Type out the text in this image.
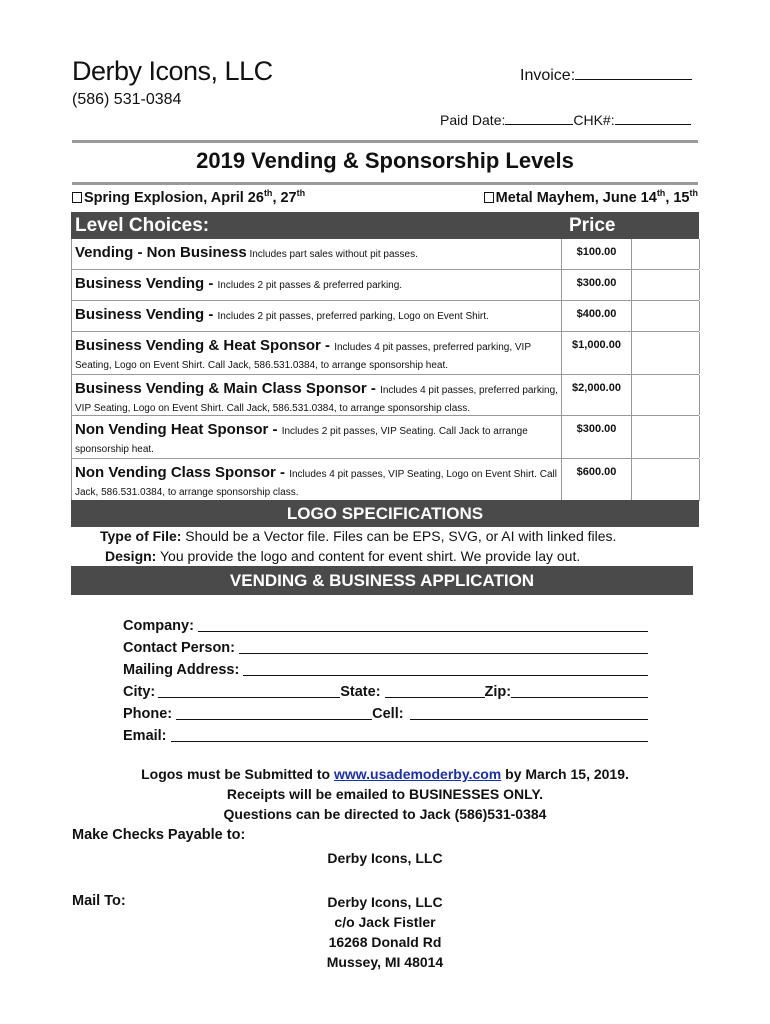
Derby Icons, LLC
(586) 531-0384
Invoice:
Paid Date:	CHK#:
2019 Vending & Sponsorship Levels
Spring Explosion, April 26th, 27th	Metal Mayhem, June 14th, 15th
Level Choices:	Price
Vending - Non Business Includes part sales without pit passes.	$100.00
Business Vending - Includes 2 pit passes & preferred parking.	$300.00
Business Vending - Includes 2 pit passes, preferred parking, Logo on Event Shirt.	$400.00
Business Vending & Heat Sponsor - Includes 4 pit passes, preferred parking, VIP Seating, Logo on Event Shirt. Call Jack, 586.531.0384, to arrange sponsorship heat.
$1,000.00
Business Vending & Main Class Sponsor - Includes 4 pit passes, preferred parking, VIP Seating, Logo on Event Shirt. Call Jack, 586.531.0384, to arrange sponsorship class.
$2,000.00
Non Vending Heat Sponsor - Includes 2 pit passes, VIP Seating. Call Jack to arrange sponsorship heat.
$300.00
Non Vending Class Sponsor - Includes 4 pit passes, VIP Seating, Logo on Event Shirt. Call Jack, 586.531.0384, to arrange sponsorship class.
$600.00
LOGO SPECIFICATIONS
Type of File: Should be a Vector file. Files can be EPS, SVG, or AI with linked files.
Design: You provide the logo and content for event shirt. We provide lay out.
VENDING & BUSINESS APPLICATION
Company:
Contact Person:
Mailing Address:
City:	State:	Zip:
Phone:	Cell:
Email:
Logos must be Submitted to www.usademoderby.com by March 15, 2019.
Receipts will be emailed to BUSINESSES ONLY.
Questions can be directed to Jack (586)531-0384
Make Checks Payable to:
Derby Icons, LLC
Mail To:	Derby Icons, LLC
c/o Jack Fistler
16268 Donald Rd
Mussey, MI 48014
